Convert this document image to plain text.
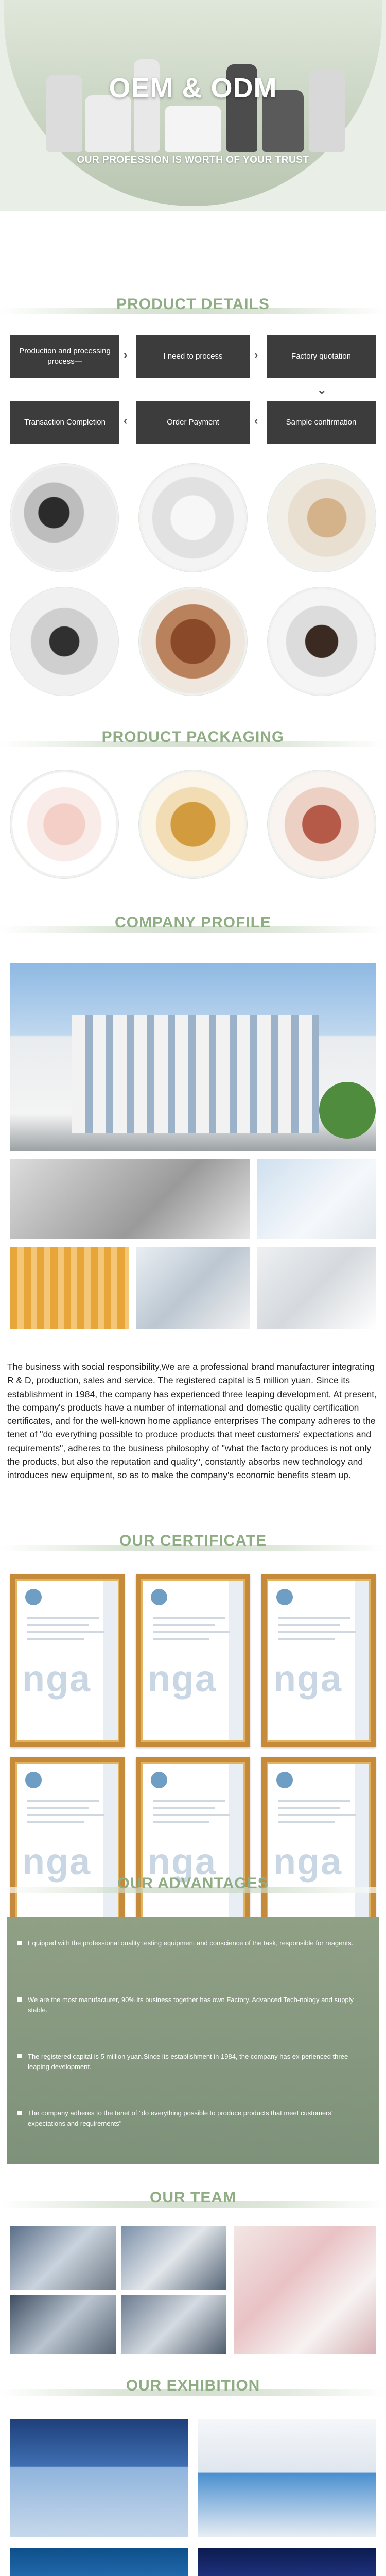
OEM & ODM
OUR PROFESSION IS WORTH OF YOUR TRUST
PRODUCT DETAILS
Production and processing process—
›	I need to process	›	Factory quotation
⌄
Transaction Completion	‹	Order Payment	‹	Sample confirmation
PRODUCT PACKAGING
COMPANY PROFILE
The business with social responsibility,We are a professional brand manufacturer integrating R & D, production, sales and service. The registered capital is 5 million yuan. Since its establishment in 1984, the company has experienced three leaping development. At present, the company's products have a number of international and domestic quality certification certificates, and for the well-known home appliance enterprises The company adheres to the tenet of "do everything possible to produce products that meet customers' expectations and requirements", adheres to the business philosophy of "what the factory produces is not only the products, but also the reputation and quality", constantly absorbs new technology and introduces new equipment, so as to make the company's economic benefits steam up.
OUR CERTIFICATE
nga nga nga
nga nga nga
OUR ADVANTAGES
Equipped with the professional quality testing equipment and conscience of the task, responsible for reagents.
We are the most manufacturer, 90% its business together has own Factory. Advanced Tech-nology and supply stable.
The registered capital is 5 million yuan.Since its establishment in 1984, the company has ex-perienced three leaping development.
The company adheres to the tenet of "do everything possible to produce products that meet customers' expectations and requirements"
OUR TEAM
OUR EXHIBITION
